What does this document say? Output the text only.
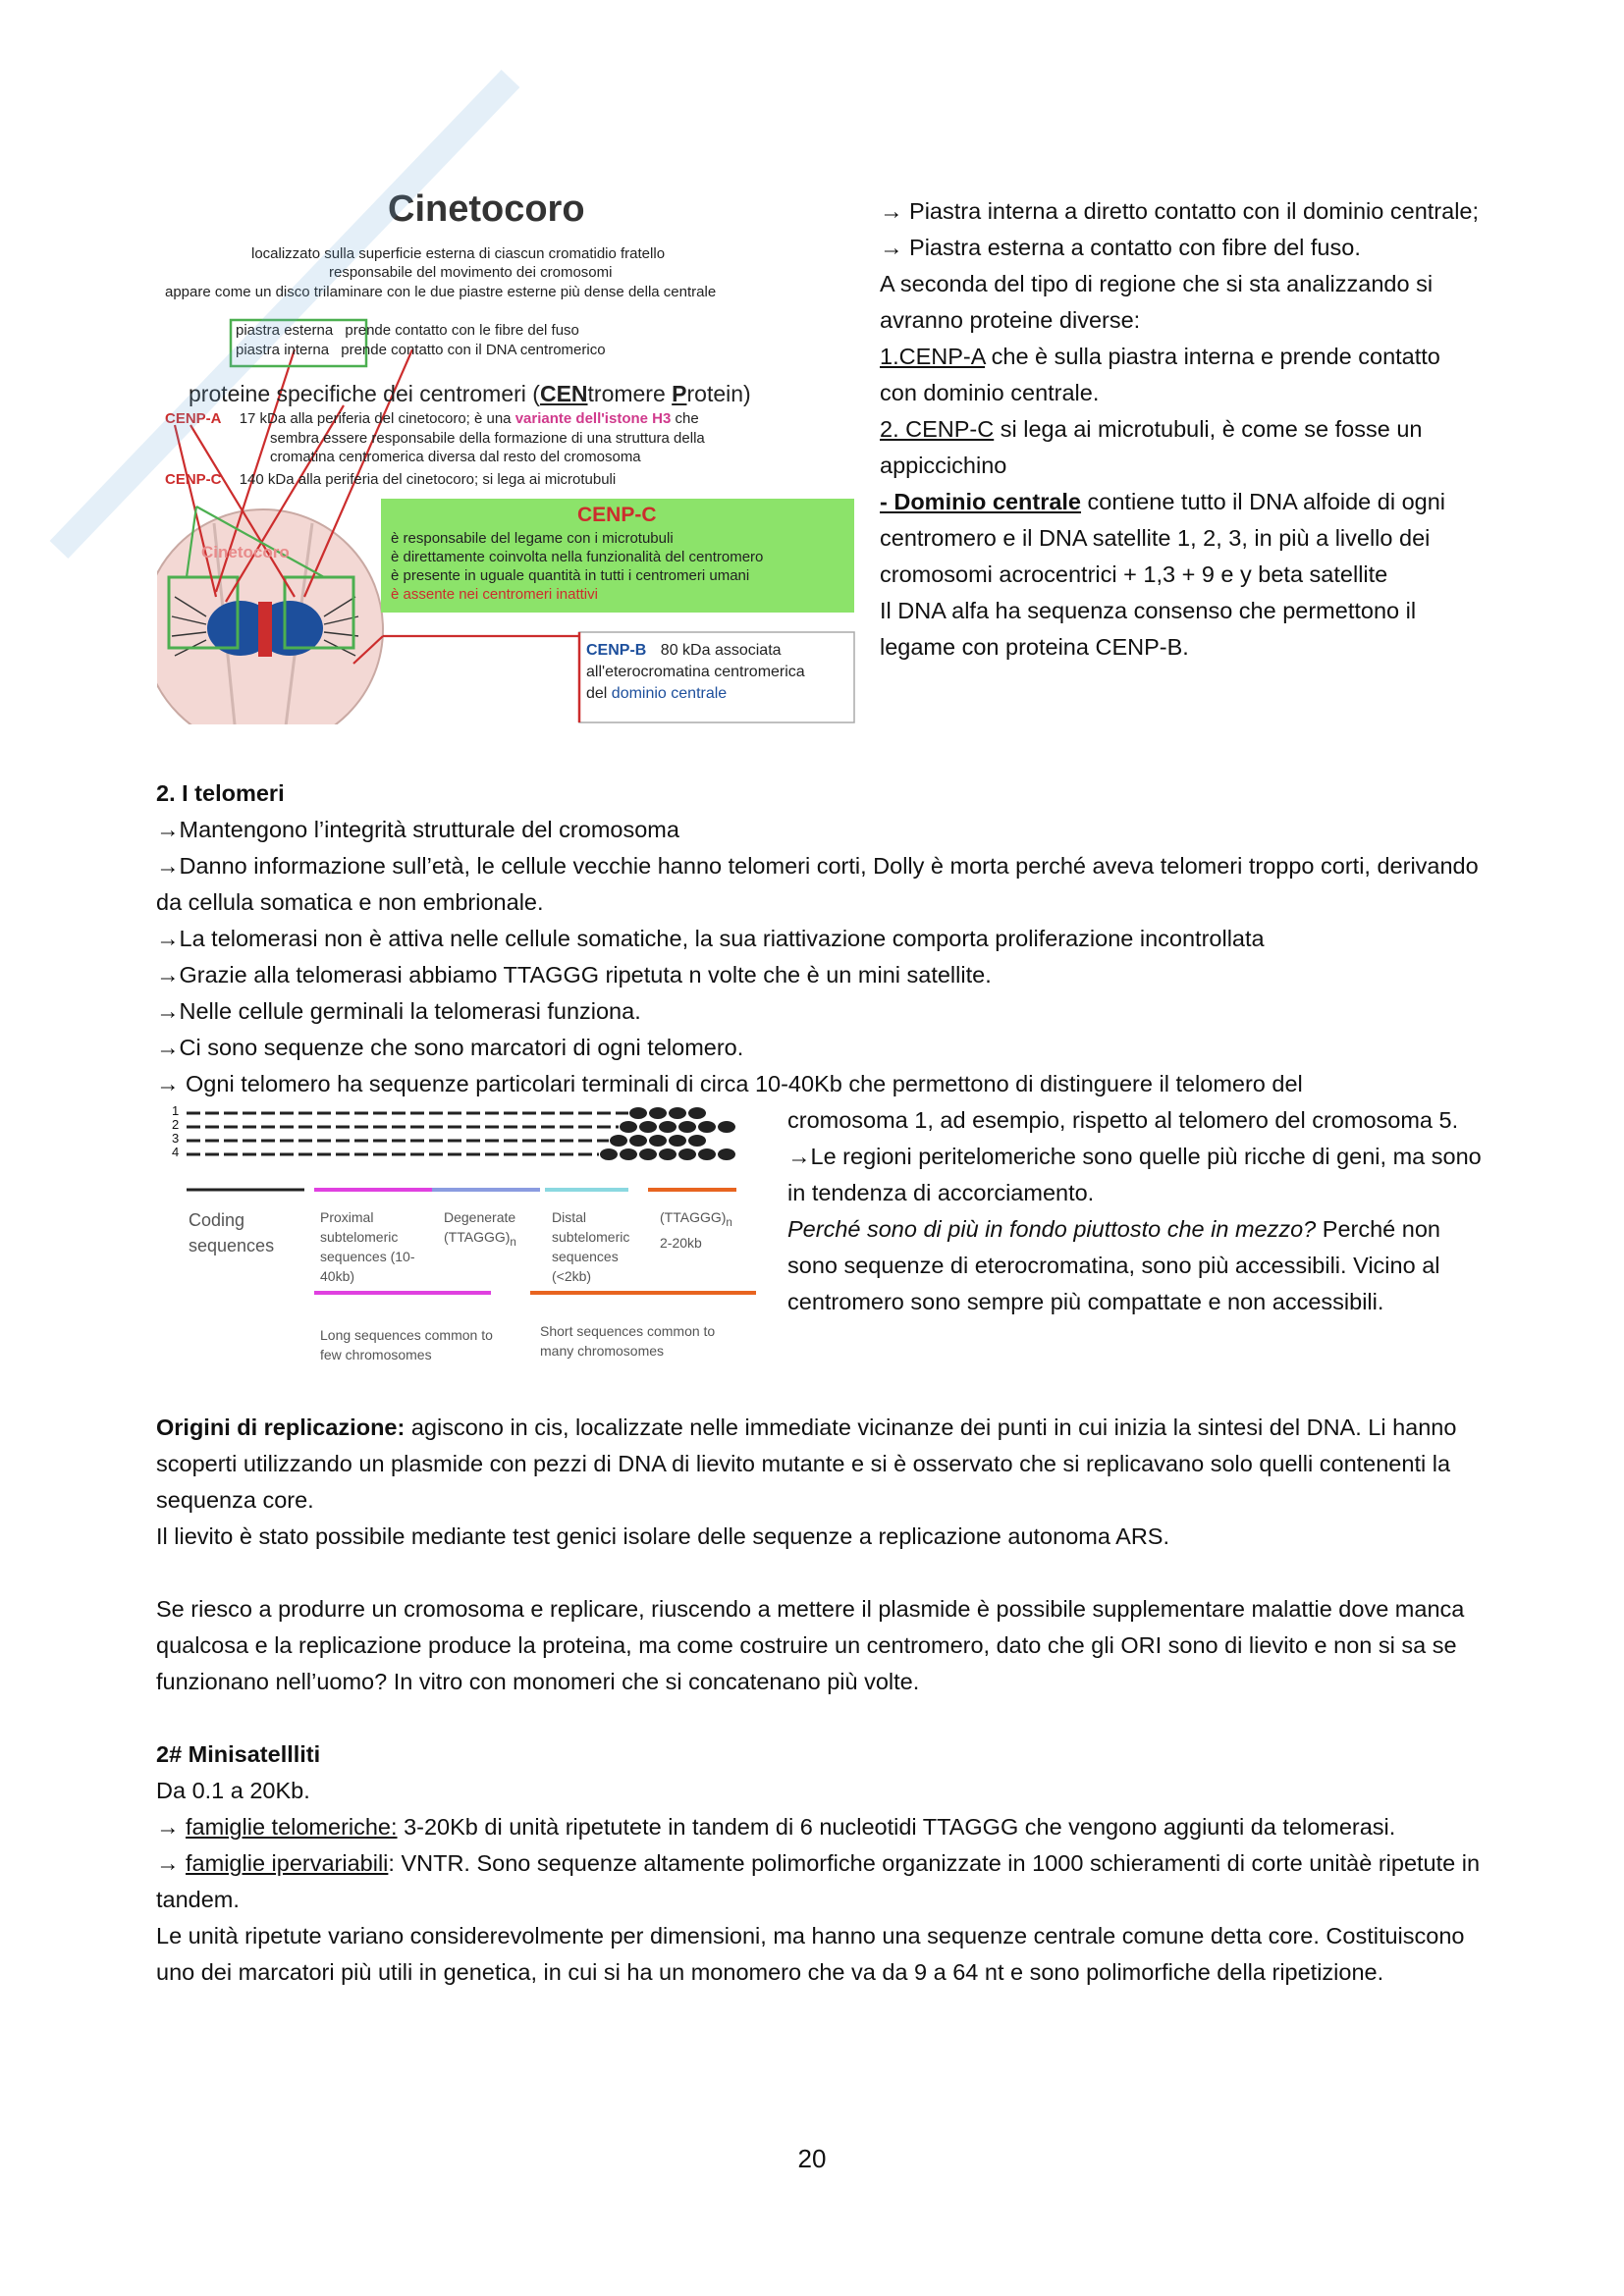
Cinetocoro
localizzato sulla superficie esterna di ciascun cromatidio fratello
responsabile del movimento dei cromosomi
appare come un disco trilaminare con le due piastre esterne più dense della centrale
piastra esterna prende contatto con le fibre del fuso
piastra interna prende contatto con il DNA centromerico
proteine specifiche dei centromeri (CENtromere Protein)
CENP-A 17 kDa alla periferia del cinetocoro; è una variante dell'istone H3 che
sembra essere responsabile della formazione di una struttura della
cromatina centromerica diversa dal resto del cromosoma
CENP-C 140 kDa alla periferia del cinetocoro; si lega ai microtubuli
Cinetocoro
CENP-C
è responsabile del legame con i microtubuli
è direttamente coinvolta nella funzionalità del centromero
è presente in uguale quantità in tutti i centromeri umani
è assente nei centromeri inattivi
CENP-B 80 kDa associata
all'eterocromatina centromerica
del dominio centrale

→ Piastra interna a diretto contatto con il dominio centrale;

→ Piastra esterna a contatto con fibre del fuso.

A seconda del tipo di regione che si sta analizzando si avranno proteine diverse:

1.CENP-A che è sulla piastra interna e prende contatto con dominio centrale.

2. CENP-C si lega ai microtubuli, è come se fosse un appiccichino

- Dominio centrale contiene tutto il DNA alfoide di ogni centromero e il DNA satellite 1, 2, 3, in più a livello dei cromosomi acrocentrici + 1,3 + 9 e y beta satellite

Il DNA alfa ha sequenza consenso che permettono il legame con proteina CENP-B.

2. I telomeri

→Mantengono l’integrità strutturale del cromosoma

→Danno informazione sull’età, le cellule vecchie hanno telomeri corti, Dolly è morta perché aveva telomeri troppo corti, derivando da cellula somatica e non embrionale.

→La telomerasi non è attiva nelle cellule somatiche, la sua riattivazione comporta proliferazione incontrollata

→Grazie alla telomerasi abbiamo TTAGGG ripetuta n volte che è un mini satellite.

→Nelle cellule germinali la telomerasi funziona.

→Ci sono sequenze che sono marcatori di ogni telomero.

→ Ogni telomero ha sequenze particolari terminali di circa 10-40Kb che permettono di distinguere il telomero del

1
2
3
4
Coding sequences
Proximal subtelomeric sequences (10-40kb)
Degenerate $(TTAGGG)_n$
Distal subtelomeric sequences (<2kb)
$(TTAGGG)_n$
2-20kb
Long sequences common to few chromosomes
Short sequences common to many chromosomes

cromosoma 1, ad esempio, rispetto al telomero del cromosoma 5.

→Le regioni peritelomeriche sono quelle più ricche di geni, ma sono in tendenza di accorciamento.

Perché sono di più in fondo piuttosto che in mezzo? Perché non sono sequenze di eterocromatina, sono più accessibili. Vicino al centromero sono sempre più compattate e non accessibili.

Origini di replicazione: agiscono in cis, localizzate nelle immediate vicinanze dei punti in cui inizia la sintesi del DNA. Li hanno scoperti utilizzando un plasmide con pezzi di DNA di lievito mutante e si è osservato che si replicavano solo quelli contenenti la sequenza core.

Il lievito è stato possibile mediante test genici isolare delle sequenze a replicazione autonoma ARS.

Se riesco a produrre un cromosoma e replicare, riuscendo a mettere il plasmide è possibile supplementare malattie dove manca qualcosa e la replicazione produce la proteina, ma come costruire un centromero, dato che gli ORI sono di lievito e non si sa se funzionano nell’uomo? In vitro con monomeri che si concatenano più volte.

2# Minisatellliti

Da 0.1 a 20Kb.

→ famiglie telomeriche: 3-20Kb di unità ripetutete in tandem di 6 nucleotidi TTAGGG che vengono aggiunti da telomerasi.

→ famiglie ipervariabili: VNTR. Sono sequenze altamente polimorfiche organizzate in 1000 schieramenti di corte unitàè ripetute in tandem.

Le unità ripetute variano considerevolmente per dimensioni, ma hanno una sequenze centrale comune detta core. Costituiscono uno dei marcatori più utili in genetica, in cui si ha un monomero che va da 9 a 64 nt e sono polimorfiche della ripetizione.

20
